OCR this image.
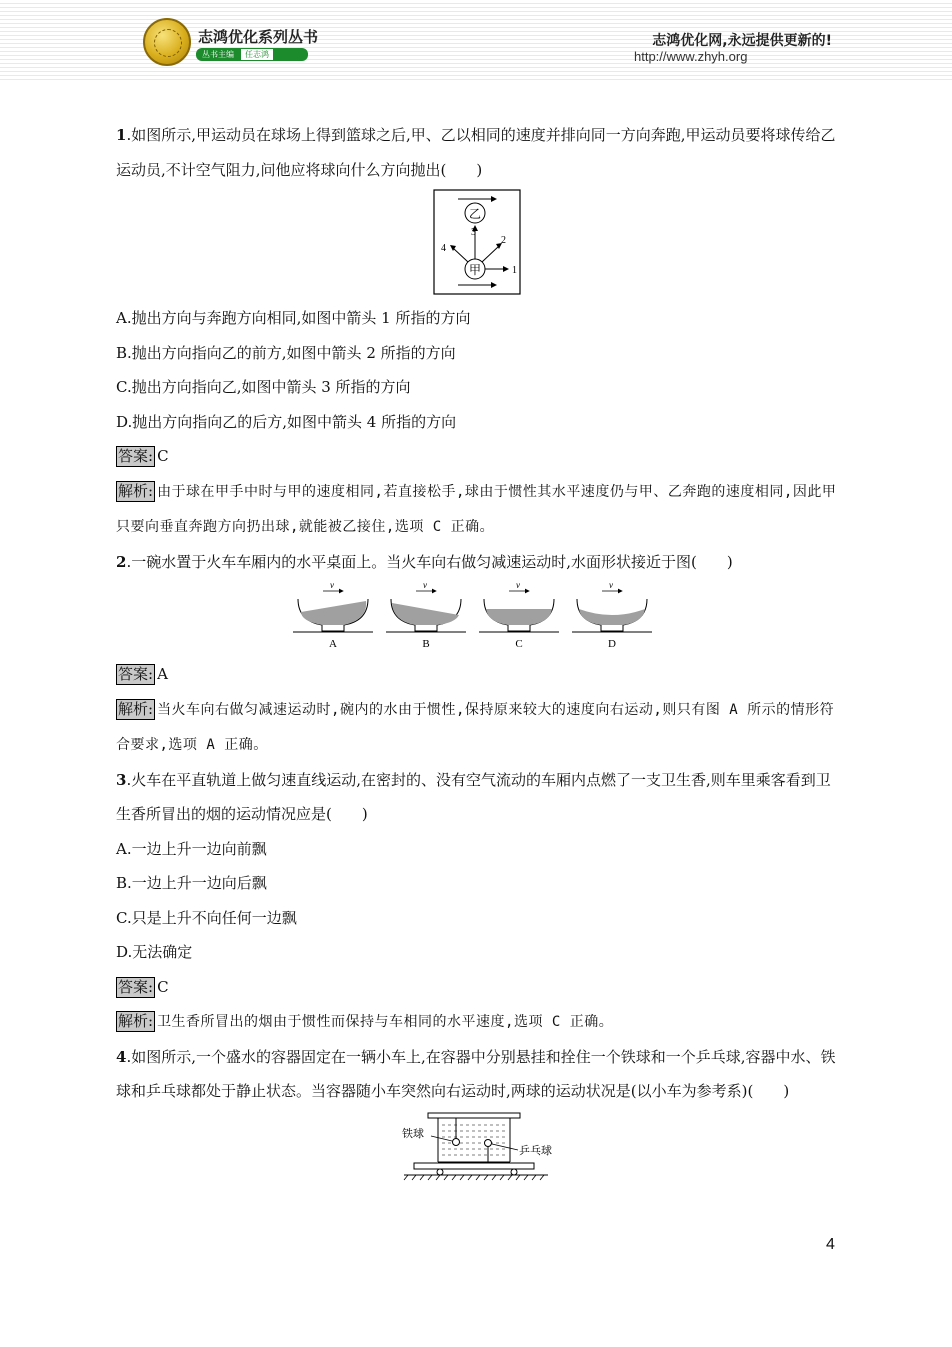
志鸿优化系列丛书
丛书主编	任志鸿
志鸿优化网,永远提供更新的!
http://www.zhyh.org

1.如图所示,甲运动员在球场上得到篮球之后,甲、乙以相同的速度并排向同一方向奔跑,甲运动员要将球传给乙运动员,不计空气阻力,问他应将球向什么方向抛出(　　)

乙
甲	1
2
3
4

A.抛出方向与奔跑方向相同,如图中箭头 1 所指的方向

B.抛出方向指向乙的前方,如图中箭头 2 所指的方向

C.抛出方向指向乙,如图中箭头 3 所指的方向

D.抛出方向指向乙的后方,如图中箭头 4 所指的方向

答案: C

解析: 由于球在甲手中时与甲的速度相同,若直接松手,球由于惯性其水平速度仍与甲、乙奔跑的速度相同,因此甲只要向垂直奔跑方向扔出球,就能被乙接住,选项 C 正确。

2.一碗水置于火车车厢内的水平桌面上。当火车向右做匀减速运动时,水面形状接近于图(　　)

v
A
v
B
v
C
v
D

答案: A

解析: 当火车向右做匀减速运动时,碗内的水由于惯性,保持原来较大的速度向右运动,则只有图 A 所示的情形符合要求,选项 A 正确。

3.火车在平直轨道上做匀速直线运动,在密封的、没有空气流动的车厢内点燃了一支卫生香,则车里乘客看到卫生香所冒出的烟的运动情况应是(　　)

A.一边上升一边向前飘

B.一边上升一边向后飘

C.只是上升不向任何一边飘

D.无法确定

答案: C

解析: 卫生香所冒出的烟由于惯性而保持与车相同的水平速度,选项 C 正确。

4.如图所示,一个盛水的容器固定在一辆小车上,在容器中分别悬挂和拴住一个铁球和一个乒乓球,容器中水、铁球和乒乓球都处于静止状态。当容器随小车突然向右运动时,两球的运动状况是(以小车为参考系)(　　)

铁球
乒乓球
4
